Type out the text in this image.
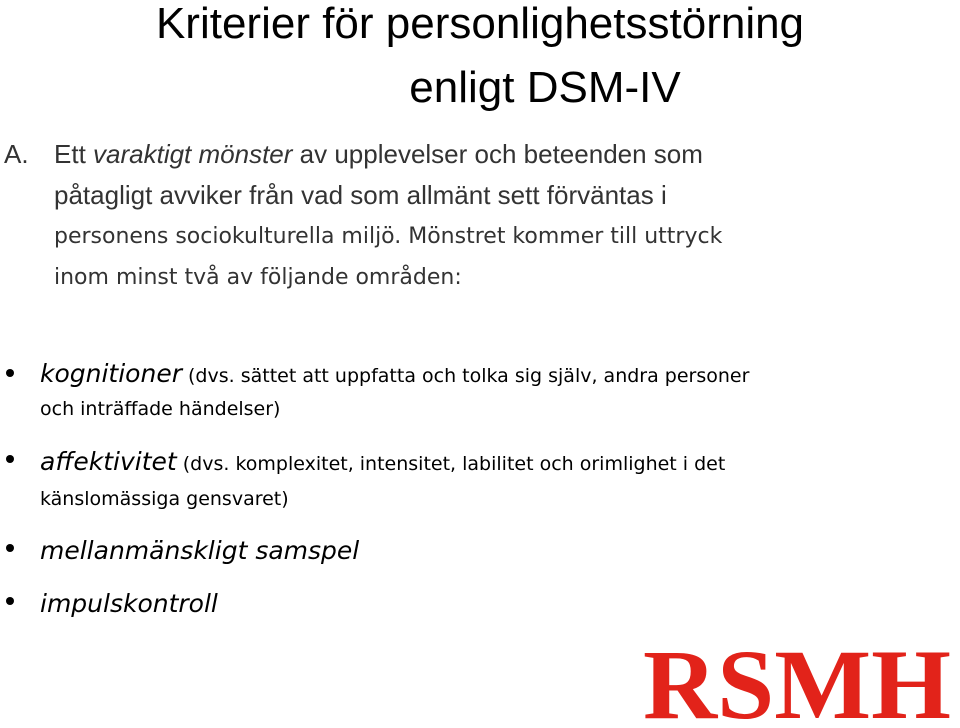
Kriterier för personlighetsstörning
enligt DSM-IV
A. Ett varaktigt mönster av upplevelser och beteenden som
påtagligt avviker från vad som allmänt sett förväntas i
personens sociokulturella miljö. Mönstret kommer till uttryck
inom minst två av följande områden:
kognitioner (dvs. sättet att uppfatta och tolka sig själv, andra personer
och inträffade händelser)
affektivitet (dvs. komplexitet, intensitet, labilitet och orimlighet i det
känslomässiga gensvaret)
mellanmänskligt samspel
impulskontroll
RSMH
